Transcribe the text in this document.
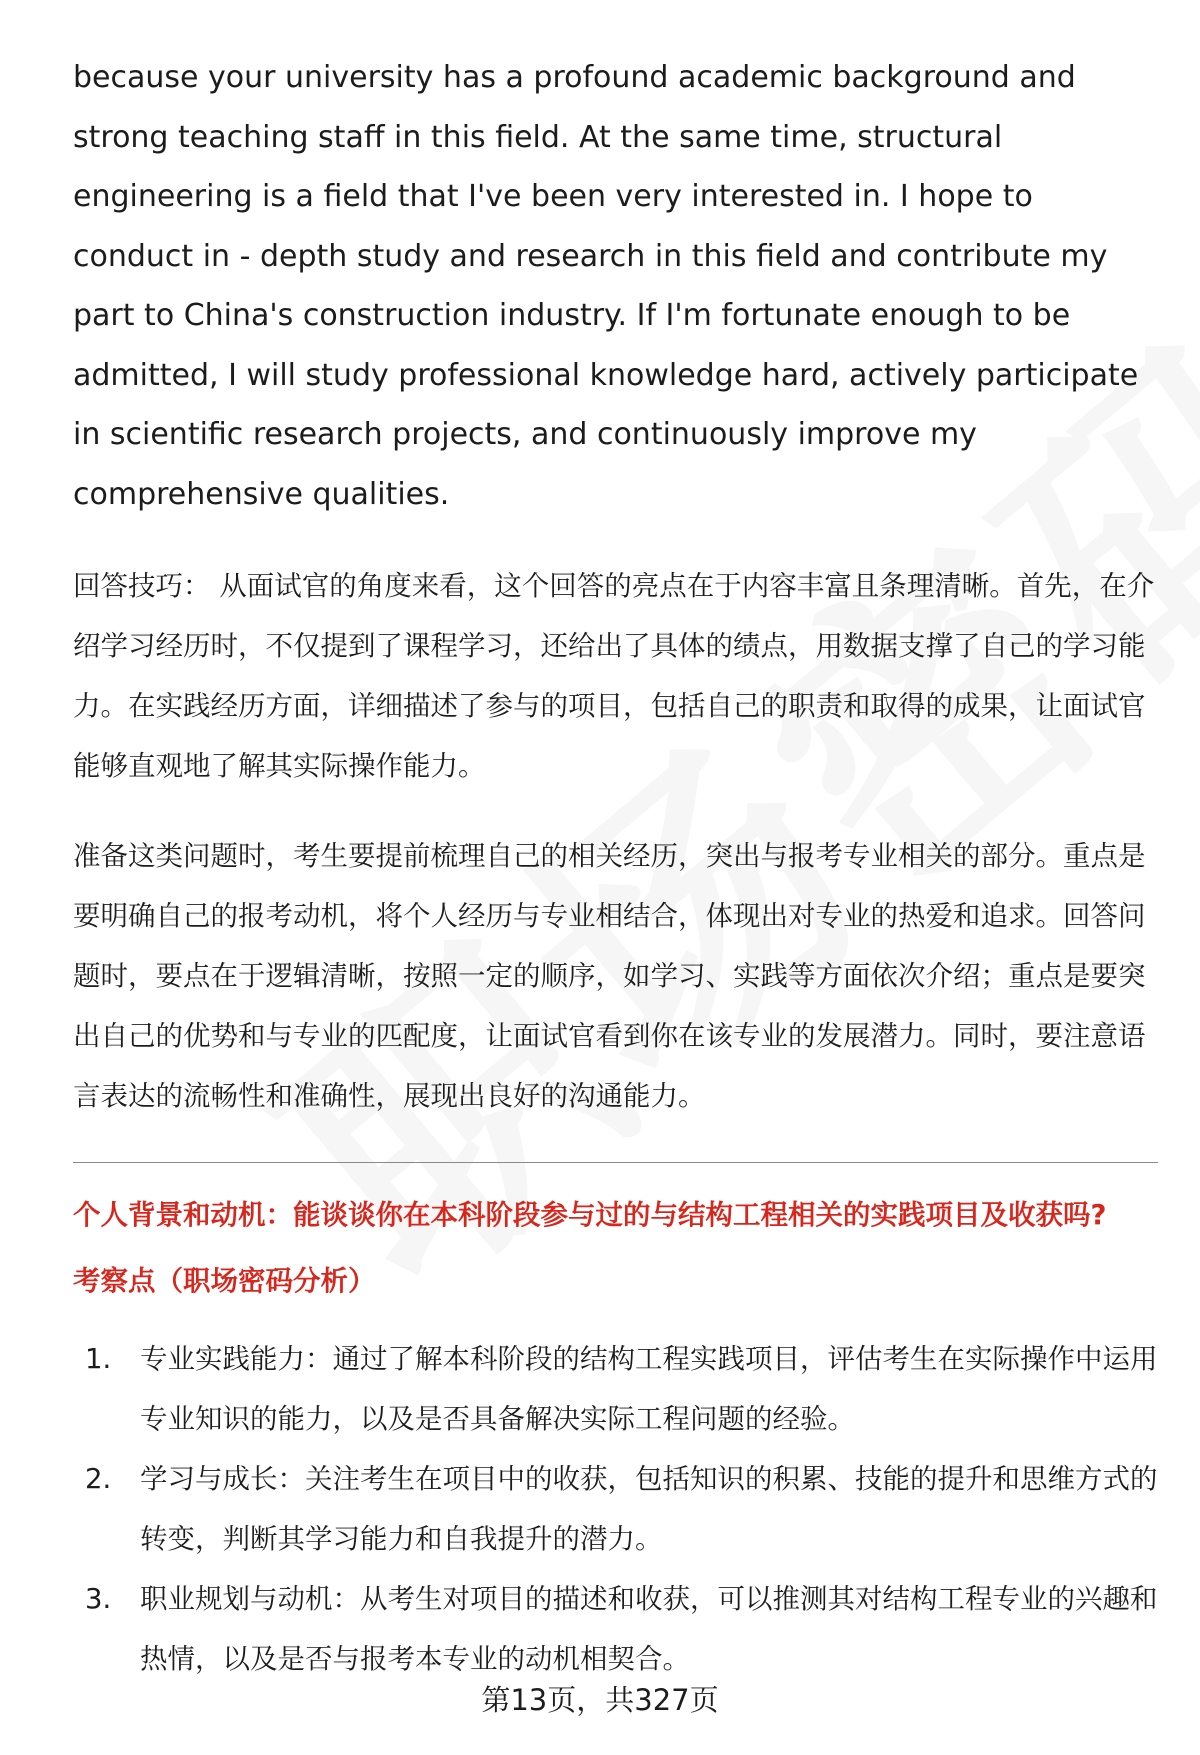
because your university has a profound academic background and strong teaching staff in this field. At the same time, structural engineering is a field that I've been very interested in. I hope to conduct in - depth study and research in this field and contribute my part to China's construction industry. If I'm fortunate enough to be admitted, I will study professional knowledge hard, actively participate in scientific research projects, and continuously improve my comprehensive qualities.

回答技巧： 从面试官的角度来看，这个回答的亮点在于内容丰富且条理清晰。首先，在介绍学习经历时，不仅提到了课程学习，还给出了具体的绩点，用数据支撑了自己的学习能力。在实践经历方面，详细描述了参与的项目，包括自己的职责和取得的成果，让面试官能够直观地了解其实际操作能力。

准备这类问题时，考生要提前梳理自己的相关经历，突出与报考专业相关的部分。重点是要明确自己的报考动机，将个人经历与专业相结合，体现出对专业的热爱和追求。回答问题时，要点在于逻辑清晰，按照一定的顺序，如学习、实践等方面依次介绍；重点是要突出自己的优势和与专业的匹配度，让面试官看到你在该专业的发展潜力。同时，要注意语言表达的流畅性和准确性，展现出良好的沟通能力。

个人背景和动机：能谈谈你在本科阶段参与过的与结构工程相关的实践项目及收获吗?
考察点（职场密码分析）
1.	专业实践能力：通过了解本科阶段的结构工程实践项目，评估考生在实际操作中运用专业知识的能力，以及是否具备解决实际工程问题的经验。
2.	学习与成长：关注考生在项目中的收获，包括知识的积累、技能的提升和思维方式的转变，判断其学习能力和自我提升的潜力。
3.	职业规划与动机：从考生对项目的描述和收获，可以推测其对结构工程专业的兴趣和热情，以及是否与报考本专业的动机相契合。
第13页，共327页
